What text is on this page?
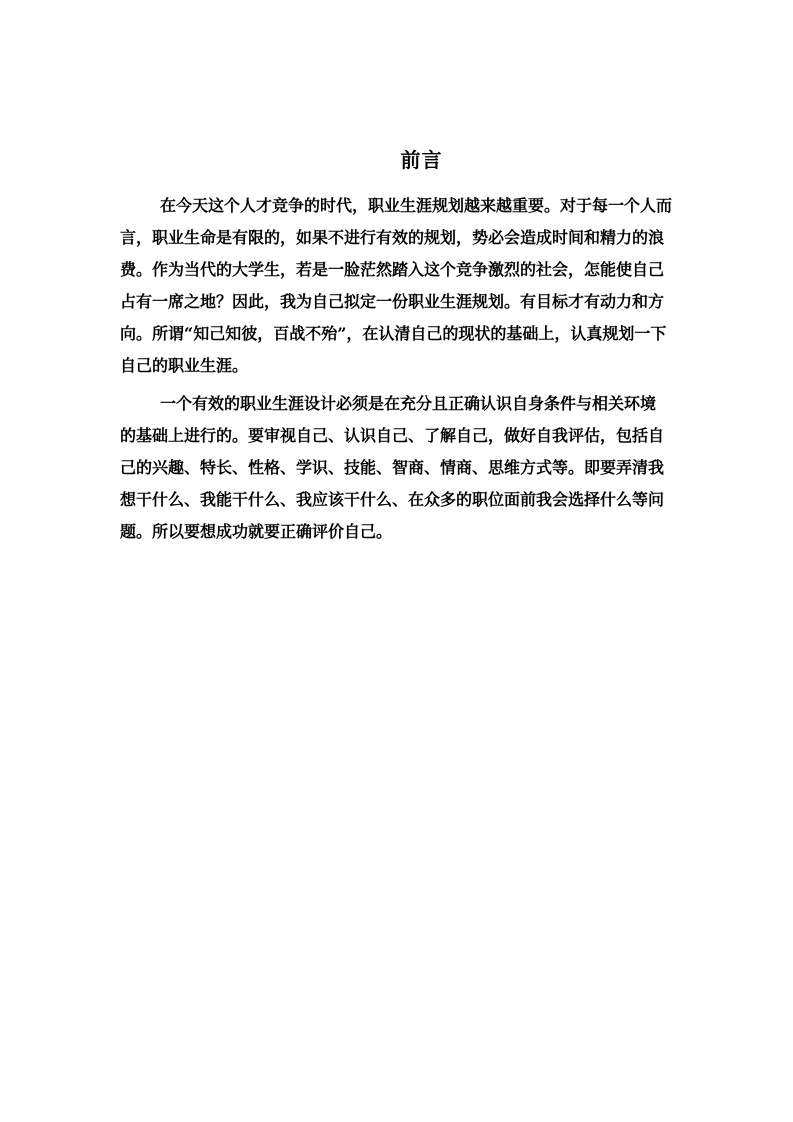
前言
在今天这个人才竞争的时代，职业生涯规划越来越重要。对于每一个人而
言，职业生命是有限的，如果不进行有效的规划，势必会造成时间和精力的浪
费。作为当代的大学生，若是一脸茫然踏入这个竞争激烈的社会，怎能使自己
占有一席之地？因此，我为自己拟定一份职业生涯规划。有目标才有动力和方
向。所谓“知己知彼，百战不殆”，在认清自己的现状的基础上，认真规划一下
自己的职业生涯。
一个有效的职业生涯设计必须是在充分且正确认识自身条件与相关环境
的基础上进行的。要审视自己、认识自己、了解自己，做好自我评估，包括自
己的兴趣、特长、性格、学识、技能、智商、情商、思维方式等。即要弄清我
想干什么、我能干什么、我应该干什么、在众多的职位面前我会选择什么等问
题。所以要想成功就要正确评价自己。
